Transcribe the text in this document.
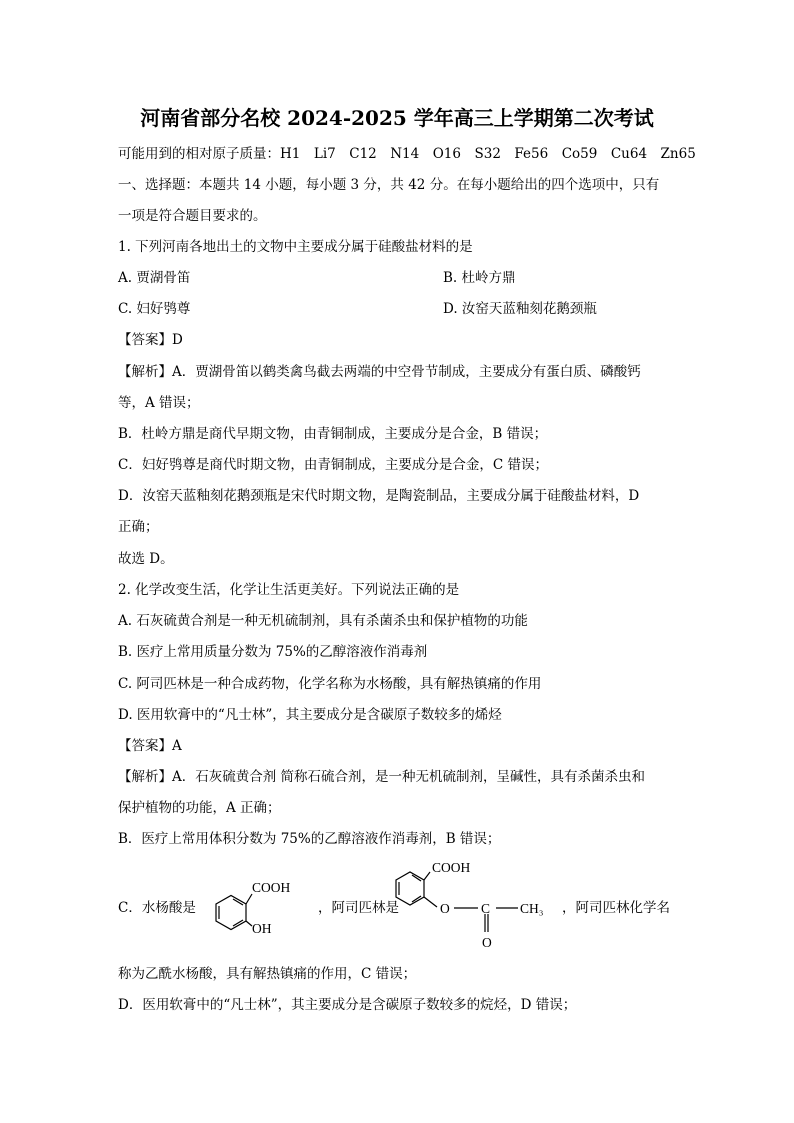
河南省部分名校 2024-2025 学年高三上学期第二次考试
可能用到的相对原子质量：H1　Li7　C12　N14　O16　S32　Fe56　Co59　Cu64　Zn65
一、选择题：本题共 14 小题，每小题 3 分，共 42 分。在每小题给出的四个选项中，只有
一项是符合题目要求的。
1. 下列河南各地出土的文物中主要成分属于硅酸盐材料的是
A. 贾湖骨笛	B. 杜岭方鼎
C. 妇好鸮尊	D. 汝窑天蓝釉刻花鹅颈瓶
【答案】D
【解析】A．贾湖骨笛以鹤类禽鸟截去两端的中空骨节制成，主要成分有蛋白质、磷酸钙
等，A 错误；
B．杜岭方鼎是商代早期文物，由青铜制成，主要成分是合金，B 错误；
C．妇好鸮尊是商代时期文物，由青铜制成，主要成分是合金，C 错误；
D．汝窑天蓝釉刻花鹅颈瓶是宋代时期文物，是陶瓷制品，主要成分属于硅酸盐材料，D
正确；
故选 D。
2. 化学改变生活，化学让生活更美好。下列说法正确的是
A. 石灰硫黄合剂是一种无机硫制剂，具有杀菌杀虫和保护植物的功能
B. 医疗上常用质量分数为 75%的乙醇溶液作消毒剂
C. 阿司匹林是一种合成药物，化学名称为水杨酸，具有解热镇痛的作用
D. 医用软膏中的“凡士林”，其主要成分是含碳原子数较多的烯烃
【答案】A
【解析】A．石灰硫黄合剂 简称石硫合剂，是一种无机硫制剂，呈碱性，具有杀菌杀虫和
保护植物的功能，A 正确；
B．医疗上常用体积分数为 75%的乙醇溶液作消毒剂，B 错误；
C．水杨酸是
COOH
OH
，阿司匹林是
COOH
O C CH₃
O
，阿司匹林化学名
称为乙酰水杨酸，具有解热镇痛的作用，C 错误；
D．医用软膏中的“凡士林”，其主要成分是含碳原子数较多的烷烃，D 错误；
